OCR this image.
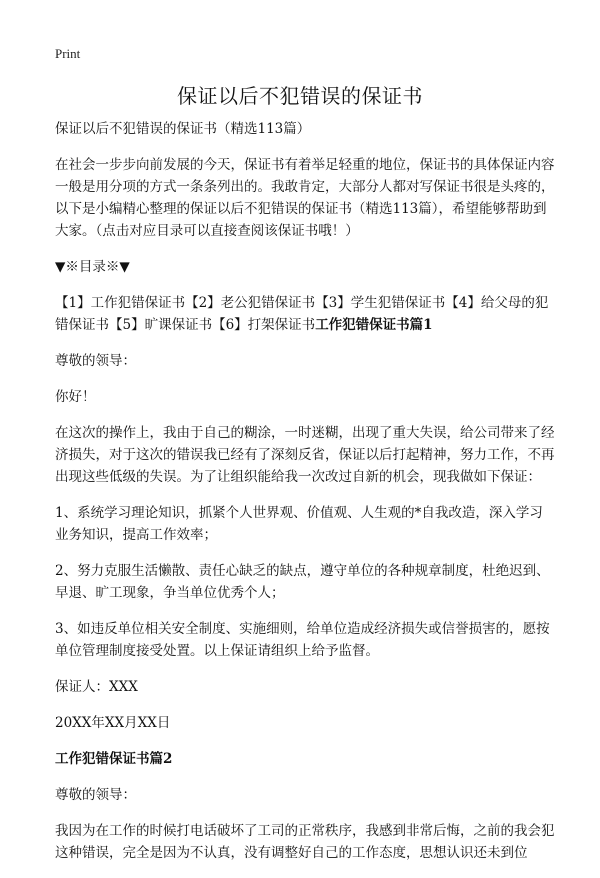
Print
保证以后不犯错误的保证书

保证以后不犯错误的保证书（精选113篇）

在社会一步步向前发展的今天，保证书有着举足轻重的地位，保证书的具体保证内容一般是用分项的方式一条条列出的。我敢肯定，大部分人都对写保证书很是头疼的，以下是小编精心整理的保证以后不犯错误的保证书（精选113篇），希望能够帮助到大家。（点击对应目录可以直接查阅该保证书哦！）

▼※目录※▼

【1】工作犯错保证书【2】老公犯错保证书【3】学生犯错保证书【4】给父母的犯错保证书【5】旷课保证书【6】打架保证书工作犯错保证书篇1

尊敬的领导：

你好！

在这次的操作上，我由于自己的糊涂，一时迷糊，出现了重大失误，给公司带来了经济损失，对于这次的错误我已经有了深刻反省，保证以后打起精神，努力工作，不再出现这些低级的失误。为了让组织能给我一次改过自新的机会，现我做如下保证：

1、系统学习理论知识，抓紧个人世界观、价值观、人生观的*自我改造，深入学习业务知识，提高工作效率；

2、努力克服生活懒散、责任心缺乏的缺点，遵守单位的各种规章制度，杜绝迟到、早退、旷工现象，争当单位优秀个人；

3、如违反单位相关安全制度、实施细则，给单位造成经济损失或信誉损害的，愿按单位管理制度接受处置。以上保证请组织上给予监督。

保证人：XXX

20XX年XX月XX日

工作犯错保证书篇2

尊敬的领导：

我因为在工作的时候打电话破坏了工司的正常秩序，我感到非常后悔，之前的我会犯这种错误，完全是因为不认真，没有调整好自己的工作态度，思想认识还未到位
